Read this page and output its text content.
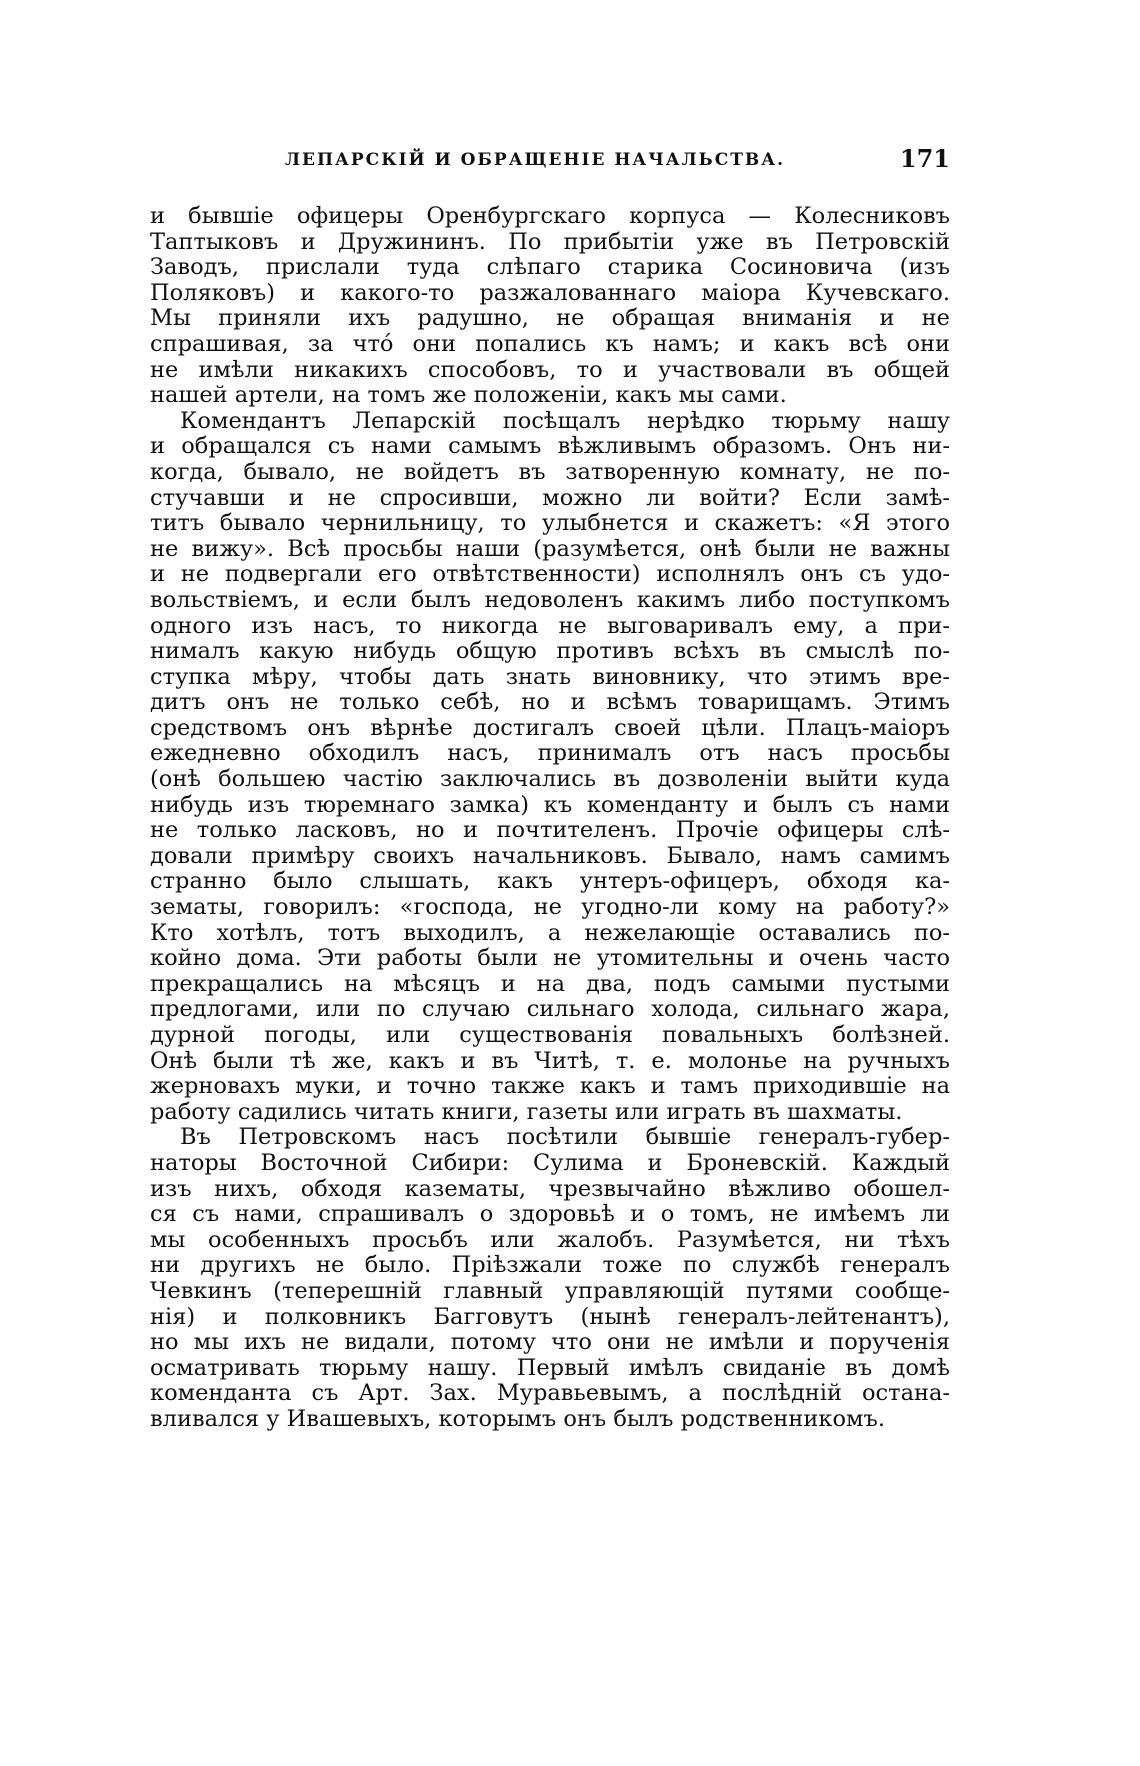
ЛЕПАРСКІЙ И ОБРАЩЕНІЕ НАЧАЛЬСТВА.	171
и бывшіе офицеры Оренбургскаго корпуса — Колесниковъ
Таптыковъ и Дружининъ. По прибытіи уже въ Петровскій
Заводъ, прислали туда слѣпаго старика Сосиновича (изъ
Поляковъ) и какого-то разжалованнаго маіора Кучевскаго.
Мы приняли ихъ радушно, не обращая вниманія и не
спрашивая, за чтó они попались къ намъ; и какъ всѣ они
не имѣли никакихъ способовъ, то и участвовали въ общей
нашей артели, на томъ же положеніи, какъ мы сами.
Комендантъ Лепарскій посѣщалъ нерѣдко тюрьму нашу
и обращался съ нами самымъ вѣжливымъ образомъ. Онъ ни-
когда, бывало, не войдетъ въ затворенную комнату, не по-
стучавши и не спросивши, можно ли войти? Если замѣ-
титъ бывало чернильницу, то улыбнется и скажетъ: «Я этого
не вижу». Всѣ просьбы наши (разумѣется, онѣ были не важны
и не подвергали его отвѣтственности) исполнялъ онъ съ удо-
вольствіемъ, и если былъ недоволенъ какимъ либо поступкомъ
одного изъ насъ, то никогда не выговаривалъ ему, а при-
нималъ какую нибудь общую противъ всѣхъ въ смыслѣ по-
ступка мѣру, чтобы дать знать виновнику, что этимъ вре-
дитъ онъ не только себѣ, но и всѣмъ товарищамъ. Этимъ
средствомъ онъ вѣрнѣе достигалъ своей цѣли. Плацъ-маіоръ
ежедневно обходилъ насъ, принималъ отъ насъ просьбы
(онѣ большею частію заключались въ дозволеніи выйти куда
нибудь изъ тюремнаго замка) къ коменданту и былъ съ нами
не только ласковъ, но и почтителенъ. Прочіе офицеры слѣ-
довали примѣру своихъ начальниковъ. Бывало, намъ самимъ
странно было слышать, какъ унтеръ-офицеръ, обходя ка-
зематы, говорилъ: «господа, не угодно-ли кому на работу?»
Кто хотѣлъ, тотъ выходилъ, а нежелающіе оставались по-
койно дома. Эти работы были не утомительны и очень часто
прекращались на мѣсяцъ и на два, подъ самыми пустыми
предлогами, или по случаю сильнаго холода, сильнаго жара,
дурной погоды, или существованія повальныхъ болѣзней.
Онѣ были тѣ же, какъ и въ Читѣ, т. е. молонье на ручныхъ
жерновахъ муки, и точно также какъ и тамъ приходившіе на
работу садились читать книги, газеты или играть въ шахматы.
Въ Петровскомъ насъ посѣтили бывшіе генералъ-губер-
наторы Восточной Сибири: Сулима и Броневскій. Каждый
изъ нихъ, обходя казематы, чрезвычайно вѣжливо обошел-
ся съ нами, спрашивалъ о здоровьѣ и о томъ, не имѣемъ ли
мы особенныхъ просьбъ или жалобъ. Разумѣется, ни тѣхъ
ни другихъ не было. Пріѣзжали тоже по службѣ генералъ
Чевкинъ (теперешній главный управляющій путями сообще-
нія) и полковникъ Багговутъ (нынѣ генералъ-лейтенантъ),
но мы ихъ не видали, потому что они не имѣли и порученія
осматривать тюрьму нашу. Первый имѣлъ свиданіе въ домѣ
коменданта съ Арт. Зах. Муравьевымъ, а послѣдній остана-
вливался у Ивашевыхъ, которымъ онъ былъ родственникомъ.
